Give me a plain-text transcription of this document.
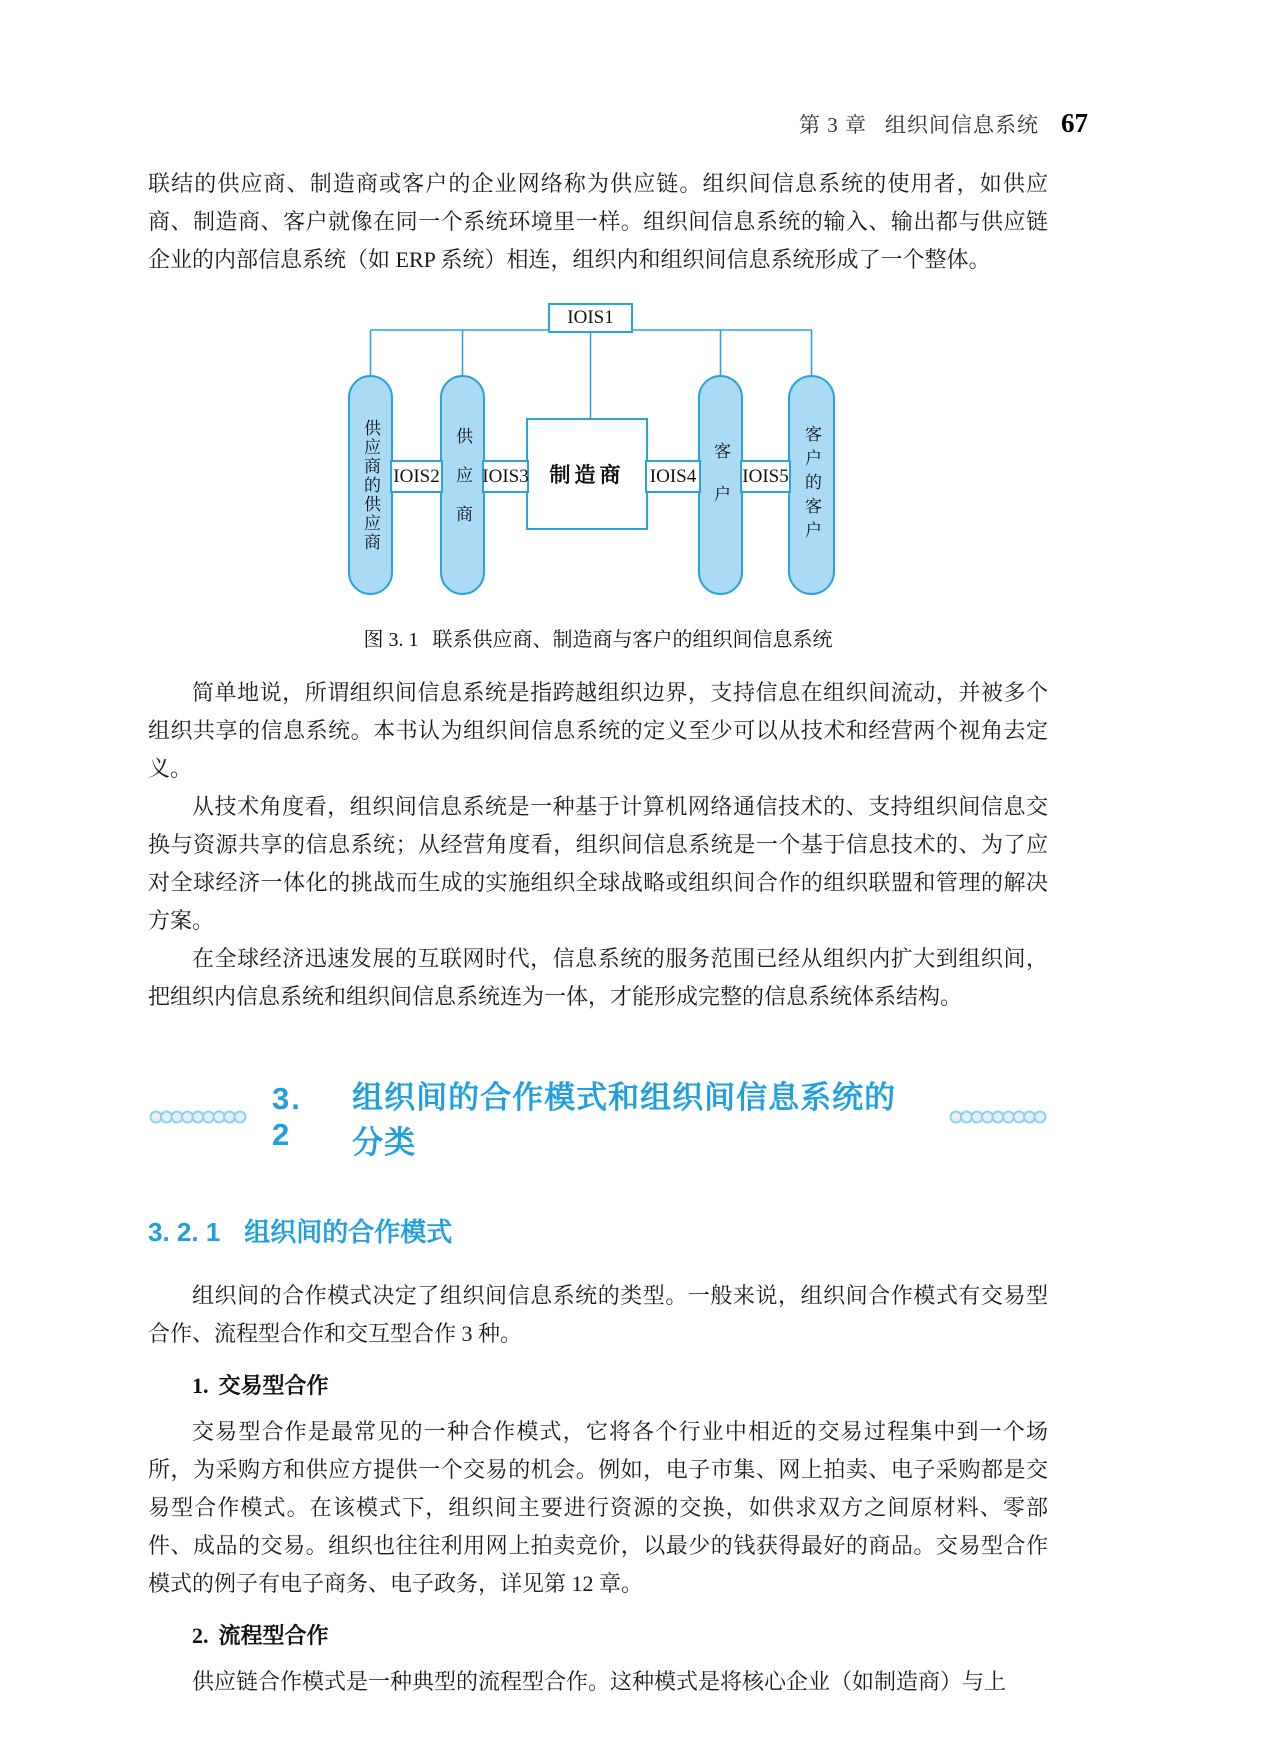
第 3 章 组织间信息系统 67

联结的供应商、制造商或客户的企业网络称为供应链。组织间信息系统的使用者，如供应商、制造商、客户就像在同一个系统环境里一样。组织间信息系统的输入、输出都与供应链企业的内部信息系统（如 ERP 系统）相连，组织内和组织间信息系统形成了一个整体。

供应商的供应商	供应商	客户	客户的客户
IOIS1
制造商
IOIS2 IOIS3	IOIS4 IOIS5
图 3. 1 联系供应商、制造商与客户的组织间信息系统

简单地说，所谓组织间信息系统是指跨越组织边界，支持信息在组织间流动，并被多个组织共享的信息系统。本书认为组织间信息系统的定义至少可以从技术和经营两个视角去定义。

从技术角度看，组织间信息系统是一种基于计算机网络通信技术的、支持组织间信息交换与资源共享的信息系统；从经营角度看，组织间信息系统是一个基于信息技术的、为了应对全球经济一体化的挑战而生成的实施组织全球战略或组织间合作的组织联盟和管理的解决方案。

在全球经济迅速发展的互联网时代，信息系统的服务范围已经从组织内扩大到组织间，把组织内信息系统和组织间信息系统连为一体，才能形成完整的信息系统体系结构。

3. 2
组织间的合作模式和组织间信息系统的分类
3. 2. 1 组织间的合作模式

组织间的合作模式决定了组织间信息系统的类型。一般来说，组织间合作模式有交易型合作、流程型合作和交互型合作 3 种。

1. 交易型合作

交易型合作是最常见的一种合作模式，它将各个行业中相近的交易过程集中到一个场所，为采购方和供应方提供一个交易的机会。例如，电子市集、网上拍卖、电子采购都是交易型合作模式。在该模式下，组织间主要进行资源的交换，如供求双方之间原材料、零部件、成品的交易。组织也往往利用网上拍卖竞价，以最少的钱获得最好的商品。交易型合作模式的例子有电子商务、电子政务，详见第 12 章。

2. 流程型合作

供应链合作模式是一种典型的流程型合作。这种模式是将核心企业（如制造商）与上
